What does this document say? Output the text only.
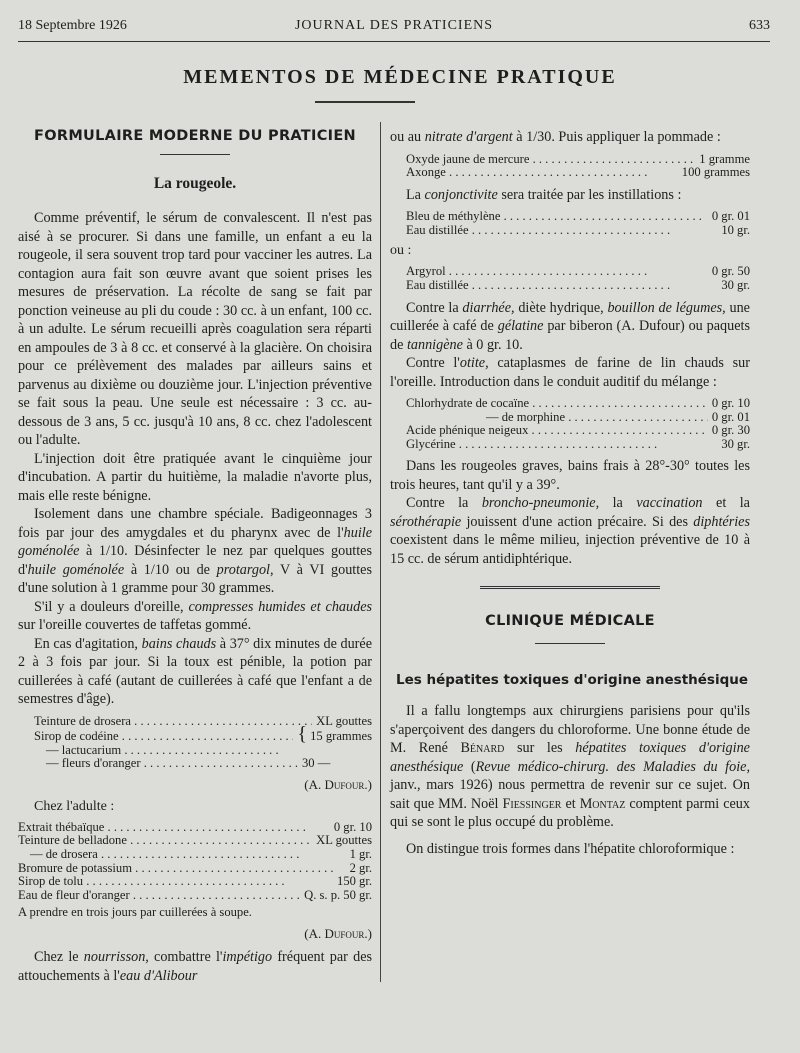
18 Septembre 1926	JOURNAL DES PRATICIENS	633
MEMENTOS DE MÉDECINE PRATIQUE
FORMULAIRE MODERNE DU PRATICIEN
La rougeole.

Comme préventif, le sérum de convalescent. Il n'est pas aisé à se procurer. Si dans une famille, un enfant a eu la rougeole, il sera souvent trop tard pour vacciner les autres. La contagion aura fait son œuvre avant que soient prises les mesures de préservation. La récolte de sang se fait par ponction veineuse au pli du coude : 30 cc. à un enfant, 100 cc. à un adulte. Le sérum recueilli après coagulation sera réparti en ampoules de 3 à 8 cc. et conservé à la glacière. On choisira pour ce prélèvement des malades par ailleurs sains et parvenus au dixième ou douzième jour. L'injection préventive se fait sous la peau. Une seule est nécessaire : 3 cc. au-dessous de 3 ans, 5 cc. jusqu'à 10 ans, 8 cc. chez l'adolescent ou l'adulte.

L'injection doit être pratiquée avant le cinquième jour d'incubation. A partir du huitième, la maladie n'avorte plus, mais elle reste bénigne.

Isolement dans une chambre spéciale. Badigeonnages 3 fois par jour des amygdales et du pharynx avec de l'huile goménolée à 1/10. Désinfecter le nez par quelques gouttes d'huile goménolée à 1/10 ou de protargol, V à VI gouttes d'une solution à 1 gramme pour 30 grammes.

S'il y a douleurs d'oreille, compresses humides et chaudes sur l'oreille couvertes de taffetas gommé.

En cas d'agitation, bains chauds à 37° dix minutes de durée 2 à 3 fois par jour. Si la toux est pénible, la potion par cuillerées à café (autant de cuillerées à café que l'enfant a de semestres d'âge).

Teinture de drosera . . .	XL gouttes
Sirop de codéine . . .	{ 15 grammes
— lactucarium . . .
— fleurs d'oranger . . .	30 —
(A. Dufour.)
Chez l'adulte :
Extrait thébaïque . . .	0 gr. 10
Teinture de belladone . . .	XL gouttes
— de drosera . . .	1 gr.
Bromure de potassium . . .	2 gr.
Sirop de tolu . . .	150 gr.
Eau de fleur d'oranger . . .	Q. s. p. 50 gr.
A prendre en trois jours par cuillerées à soupe.
(A. Dufour.)

Chez le nourrisson, combattre l'impétigo fréquent par des attouchements à l'eau d'Alibour

ou au nitrate d'argent à 1/30. Puis appliquer la pommade :

Oxyde jaune de mercure . . .	1 gramme
Axonge . . .	100 grammes

La conjonctivite sera traitée par les instillations :

Bleu de méthylène . . .	0 gr. 01
Eau distillée . . .	10 gr.
ou :
Argyrol . . .	0 gr. 50
Eau distillée . . .	30 gr.

Contre la diarrhée, diète hydrique, bouillon de légumes, une cuillerée à café de gélatine par biberon (A. Dufour) ou paquets de tannigène à 0 gr. 10.

Contre l'otite, cataplasmes de farine de lin chauds sur l'oreille. Introduction dans le conduit auditif du mélange :

Chlorhydrate de cocaïne . . .	0 gr. 10
— de morphine . . .	0 gr. 01
Acide phénique neigeux . . .	0 gr. 30
Glycérine . . .	30 gr.

Dans les rougeoles graves, bains frais à 28°-30° toutes les trois heures, tant qu'il y a 39°.

Contre la broncho-pneumonie, la vaccination et la sérothérapie jouissent d'une action précaire. Si des diphtéries coexistent dans le même milieu, injection préventive de 10 à 15 cc. de sérum antidiphtérique.

CLINIQUE MÉDICALE
Les hépatites toxiques d'origine anesthésique

Il a fallu longtemps aux chirurgiens parisiens pour qu'ils s'aperçoivent des dangers du chloroforme. Une bonne étude de M. René Bénard sur les hépatites toxiques d'origine anesthésique (Revue médico-chirurg. des Maladies du foie, janv., mars 1926) nous permettra de revenir sur ce sujet. On sait que MM. Noël Fiessinger et Montaz comptent parmi ceux qui se sont le plus occupé du problème.

On distingue trois formes dans l'hépatite chloroformique :
